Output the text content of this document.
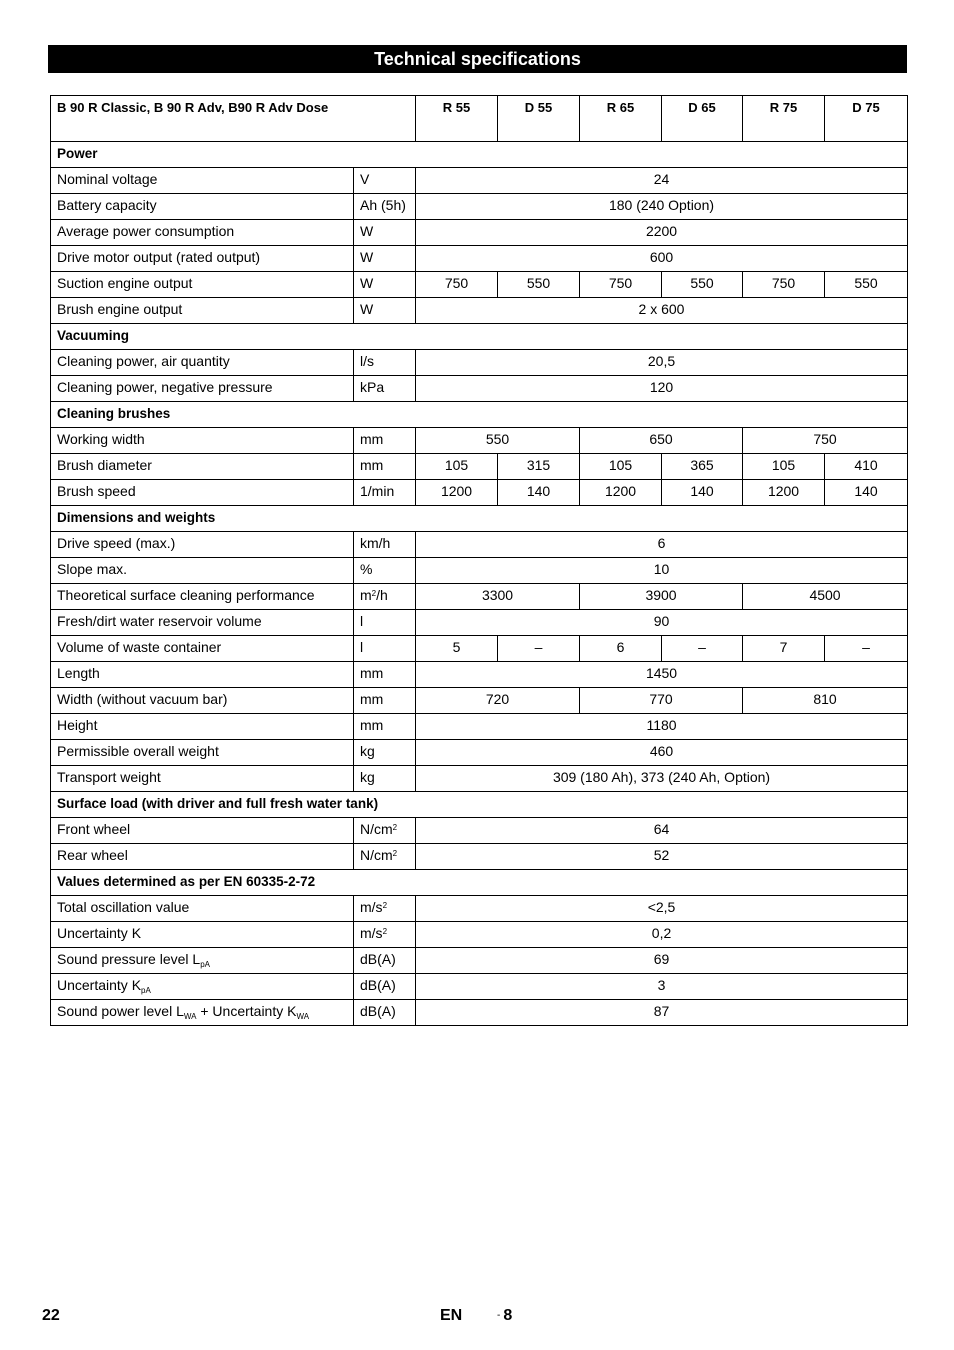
Technical specifications
B 90 R Classic, B 90 R Adv, B90 R Adv Dose		R 55	D 55	R 65	D 65	R 75	D 75
Power							
Nominal voltage	V	24					
Battery capacity	Ah (5h)	180 (240 Option)					
Average power consumption	W	2200					
Drive motor output (rated output)	W	600					
Suction engine output	W	750	550	750	550	750	550
Brush engine output	W	2 x 600					
Vacuuming							
Cleaning power, air quantity	l/s	20,5					
Cleaning power, negative pressure	kPa	120					
Cleaning brushes							
Working width	mm	550		650		750	
Brush diameter	mm	105	315	105	365	105	410
Brush speed	1/min	1200	140	1200	140	1200	140
Dimensions and weights							
Drive speed (max.)	km/h	6					
Slope max.	%	10					
Theoretical surface cleaning performance	$m^2/h$	3300		3900		4500	
Fresh/dirt water reservoir volume	l	90					
Volume of waste container	l	5	–	6	–	7	–
Length	mm	1450					
Width (without vacuum bar)	mm	720		770		810	
Height	mm	1180					
Permissible overall weight	kg	460					
Transport weight	kg	309 (180 Ah), 373 (240 Ah, Option)					
Surface load (with driver and full fresh water tank)							
Front wheel	$N/cm^2$	64					
Rear wheel	$N/cm^2$	52					
Values determined as per EN 60335-2-72							
Total oscillation value	$m/s^2$	<2,5					
Uncertainty K	$m/s^2$	0,2					
Sound pressure level $L_{pA}$	dB(A)	69					
Uncertainty $K_{pA}$	dB(A)	3					
Sound power level $L_{WA}$ + Uncertainty $K_{WA}$	dB(A)	87					
22	EN	- 8
